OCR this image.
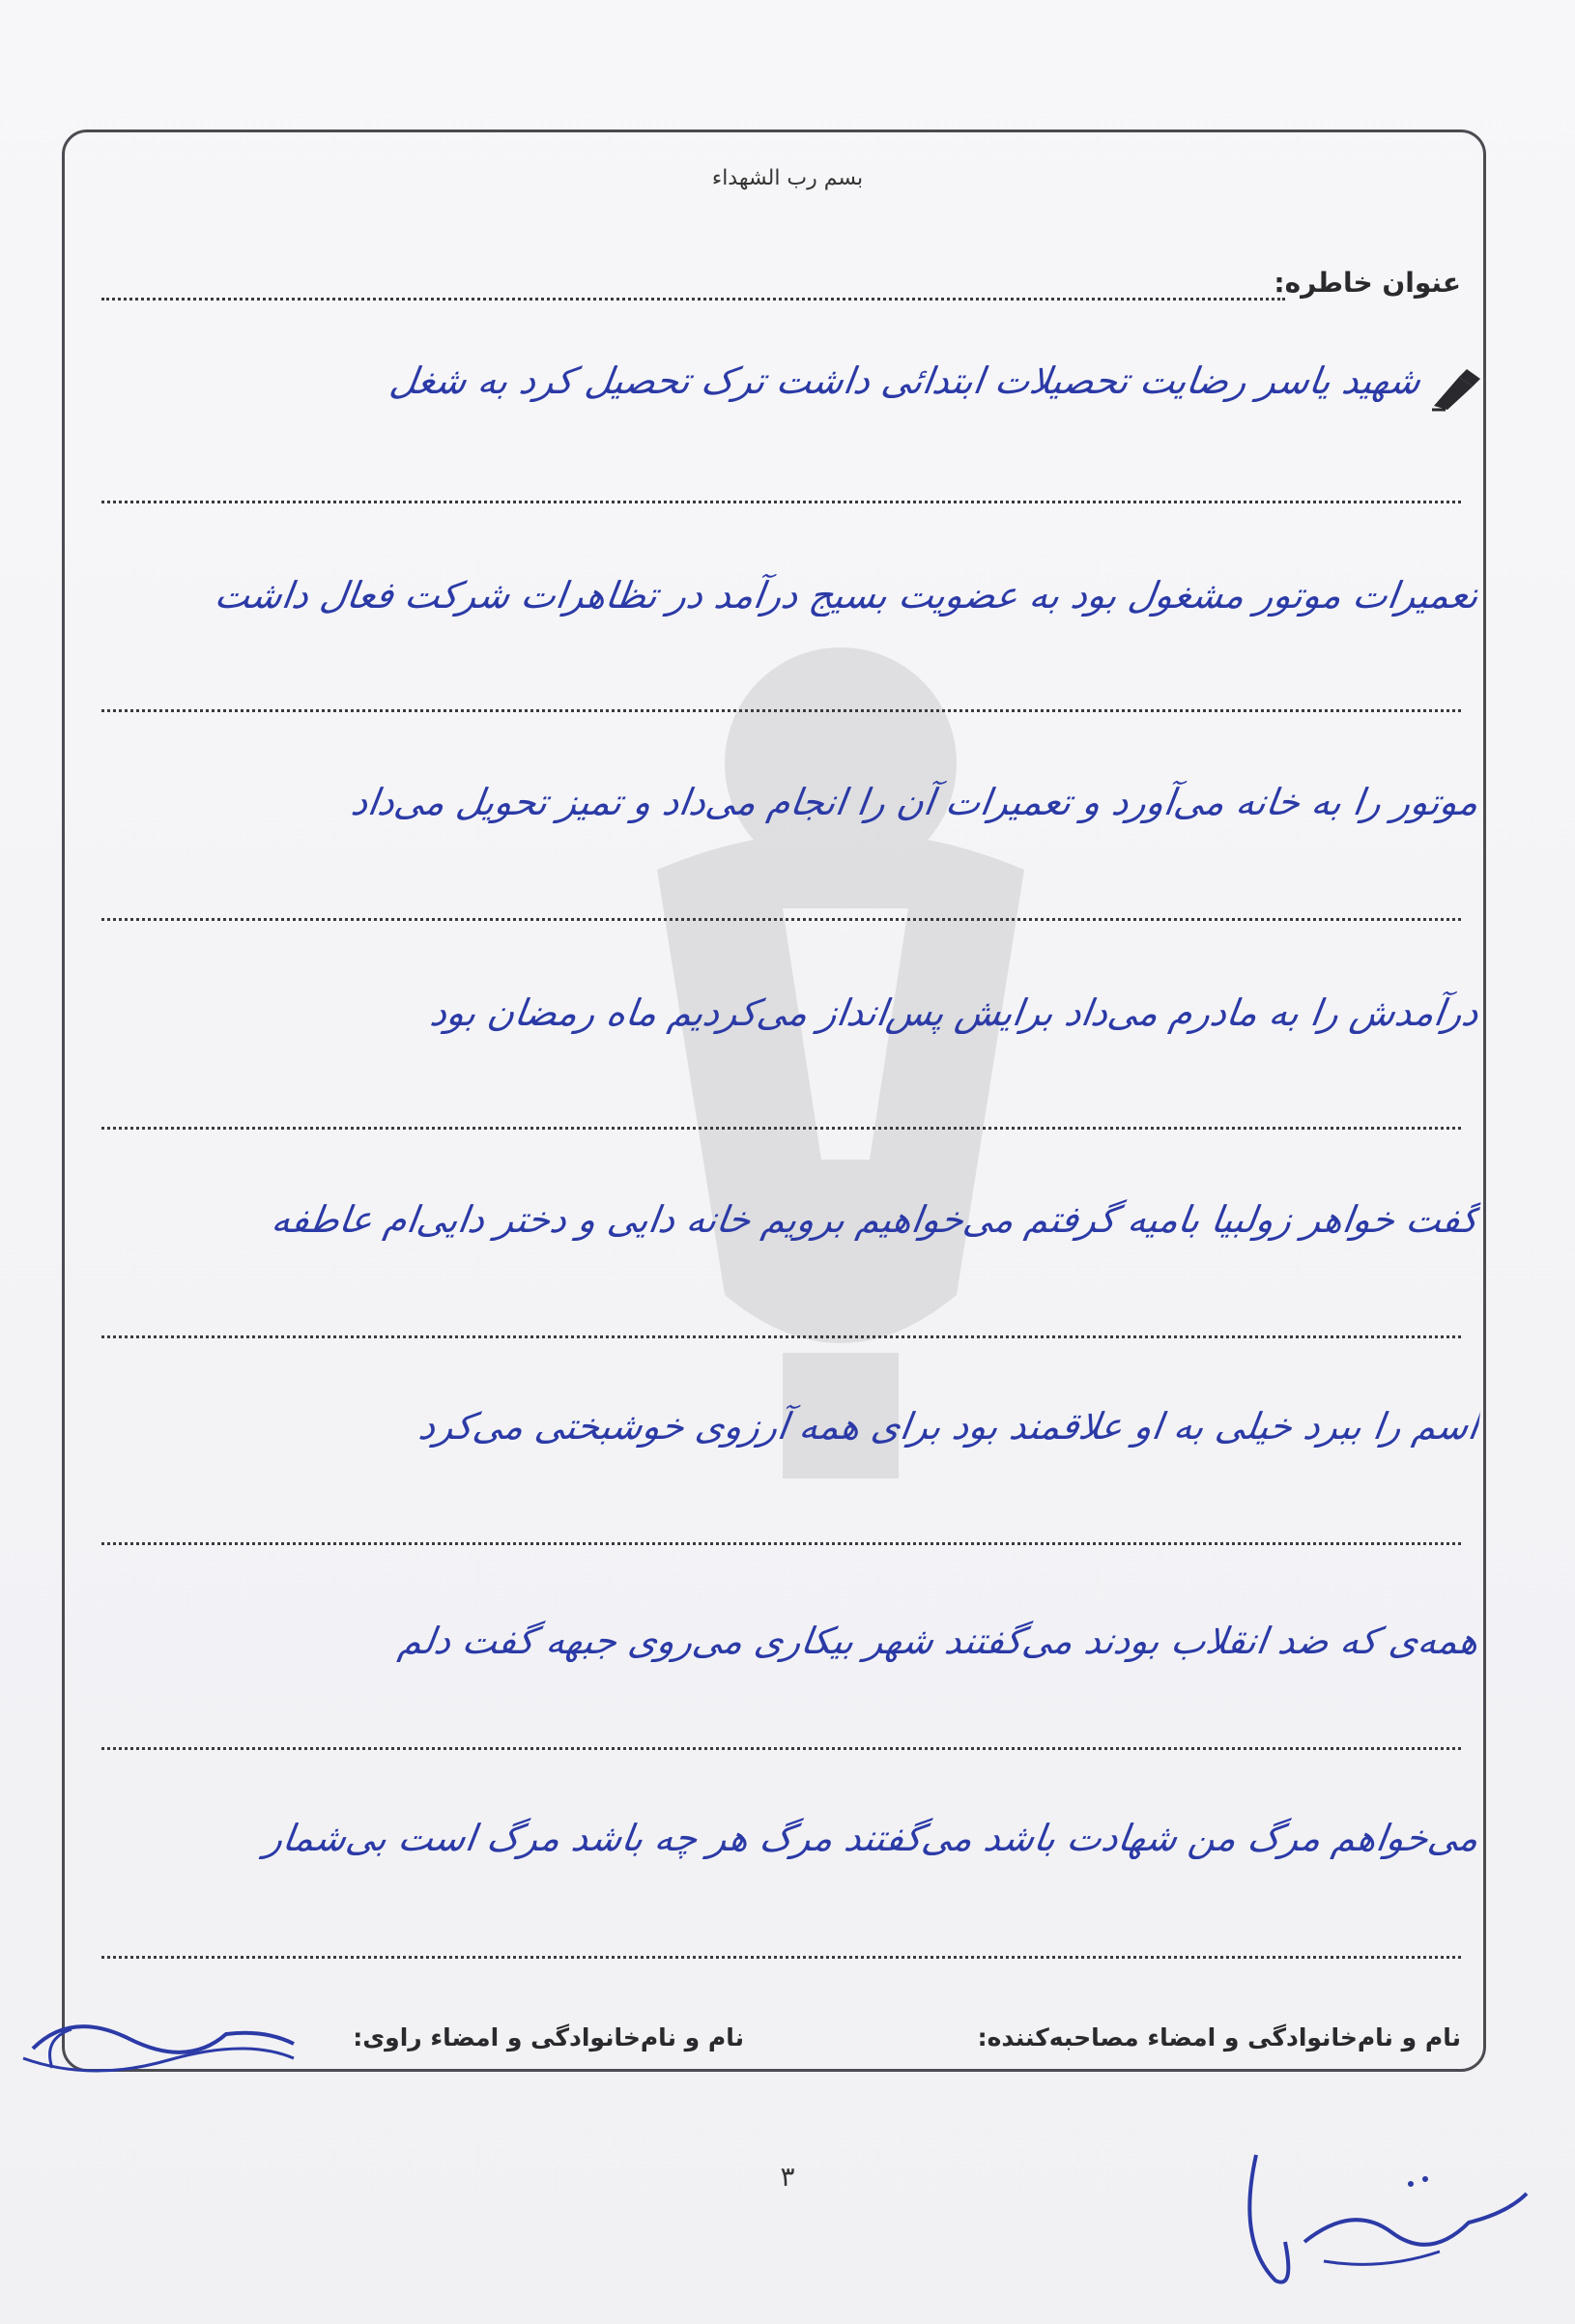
بسم رب الشهداء
عنوان خاطره:
شهید یاسر رضایت تحصیلات ابتدائی داشت ترک تحصیل کرد به شغل
تعمیرات موتور مشغول بود به عضویت بسیج درآمد در تظاهرات شرکت فعال داشت
موتور را به خانه می‌آورد و تعمیرات آن را انجام می‌داد و تمیز تحویل می‌داد
درآمدش را به مادرم می‌داد برایش پس‌انداز می‌کردیم ماه رمضان بود
گفت خواهر زولبیا بامیه گرفتم می‌خواهیم برویم خانه دایی و دختر دایی‌ام عاطفه
اسم را ببرد خیلی به او علاقمند بود برای همه آرزوی خوشبختی می‌کرد
همه‌ی که ضد انقلاب بودند می‌گفتند شهر بیکاری می‌روی جبهه گفت دلم
می‌خواهم مرگ من شهادت باشد می‌گفتند مرگ هر چه باشد مرگ است بی‌شمار
نام و نام‌خانوادگی و امضاء مصاحبه‌کننده:
نام و نام‌خانوادگی و امضاء راوی:
۳
